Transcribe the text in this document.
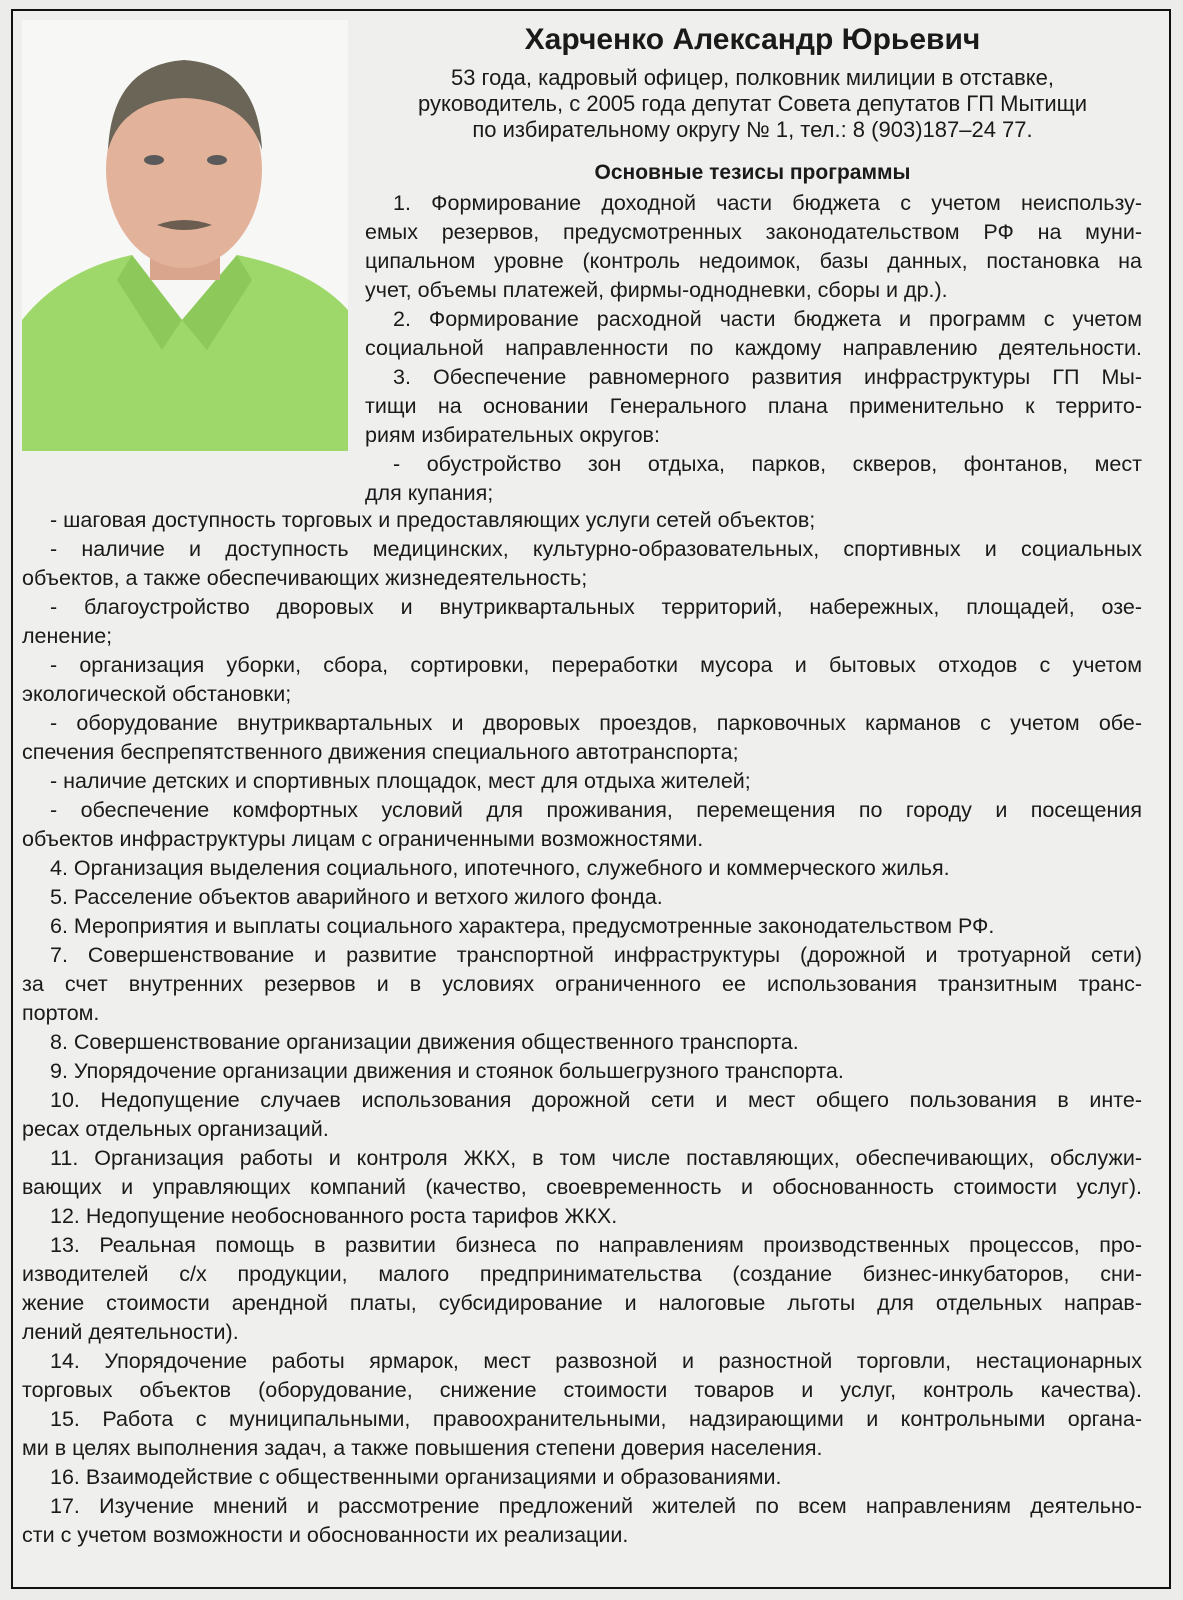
Харченко Александр Юрьевич
53 года, кадровый офицер, полковник милиции в отставке,
руководитель, с 2005 года депутат Совета депутатов ГП Мытищи
по избирательному округу № 1, тел.: 8 (903)187–24 77.
Основные тезисы программы
1. Формирование доходной части бюджета с учетом неиспользу-
емых резервов, предусмотренных законодательством РФ на муни-
ципальном уровне (контроль недоимок, базы данных, постановка на
учет, объемы платежей, фирмы-однодневки, сборы и др.).
2. Формирование расходной части бюджета и программ с учетом
социальной направленности по каждому направлению деятельности.
3. Обеспечение равномерного развития инфраструктуры ГП Мы-
тищи на основании Генерального плана применительно к террито-
риям избирательных округов:
- обустройство зон отдыха, парков, скверов, фонтанов, мест
для купания;
- шаговая доступность торговых и предоставляющих услуги сетей объектов;
- наличие и доступность медицинских, культурно-образовательных, спортивных и социальных
объектов, а также обеспечивающих жизнедеятельность;
- благоустройство дворовых и внутриквартальных территорий, набережных, площадей, озе-
ленение;
- организация уборки, сбора, сортировки, переработки мусора и бытовых отходов с учетом
экологической обстановки;
- оборудование внутриквартальных и дворовых проездов, парковочных карманов с учетом обе-
спечения беспрепятственного движения специального автотранспорта;
- наличие детских и спортивных площадок, мест для отдыха жителей;
- обеспечение комфортных условий для проживания, перемещения по городу и посещения
объектов инфраструктуры лицам с ограниченными возможностями.
4. Организация выделения социального, ипотечного, служебного и коммерческого жилья.
5. Расселение объектов аварийного и ветхого жилого фонда.
6. Мероприятия и выплаты социального характера, предусмотренные законодательством РФ.
7. Совершенствование и развитие транспортной инфраструктуры (дорожной и тротуарной сети)
за счет внутренних резервов и в условиях ограниченного ее использования транзитным транс-
портом.
8. Совершенствование организации движения общественного транспорта.
9. Упорядочение организации движения и стоянок большегрузного транспорта.
10. Недопущение случаев использования дорожной сети и мест общего пользования в инте-
ресах отдельных организаций.
11. Организация работы и контроля ЖКХ, в том числе поставляющих, обеспечивающих, обслужи-
вающих и управляющих компаний (качество, своевременность и обоснованность стоимости услуг).
12. Недопущение необоснованного роста тарифов ЖКХ.
13. Реальная помощь в развитии бизнеса по направлениям производственных процессов, про-
изводителей с/х продукции, малого предпринимательства (создание бизнес-инкубаторов, сни-
жение стоимости арендной платы, субсидирование и налоговые льготы для отдельных направ-
лений деятельности).
14. Упорядочение работы ярмарок, мест развозной и разностной торговли, нестационарных
торговых объектов (оборудование, снижение стоимости товаров и услуг, контроль качества).
15. Работа с муниципальными, правоохранительными, надзирающими и контрольными органа-
ми в целях выполнения задач, а также повышения степени доверия населения.
16. Взаимодействие с общественными организациями и образованиями.
17. Изучение мнений и рассмотрение предложений жителей по всем направлениям деятельно-
сти с учетом возможности и обоснованности их реализации.
